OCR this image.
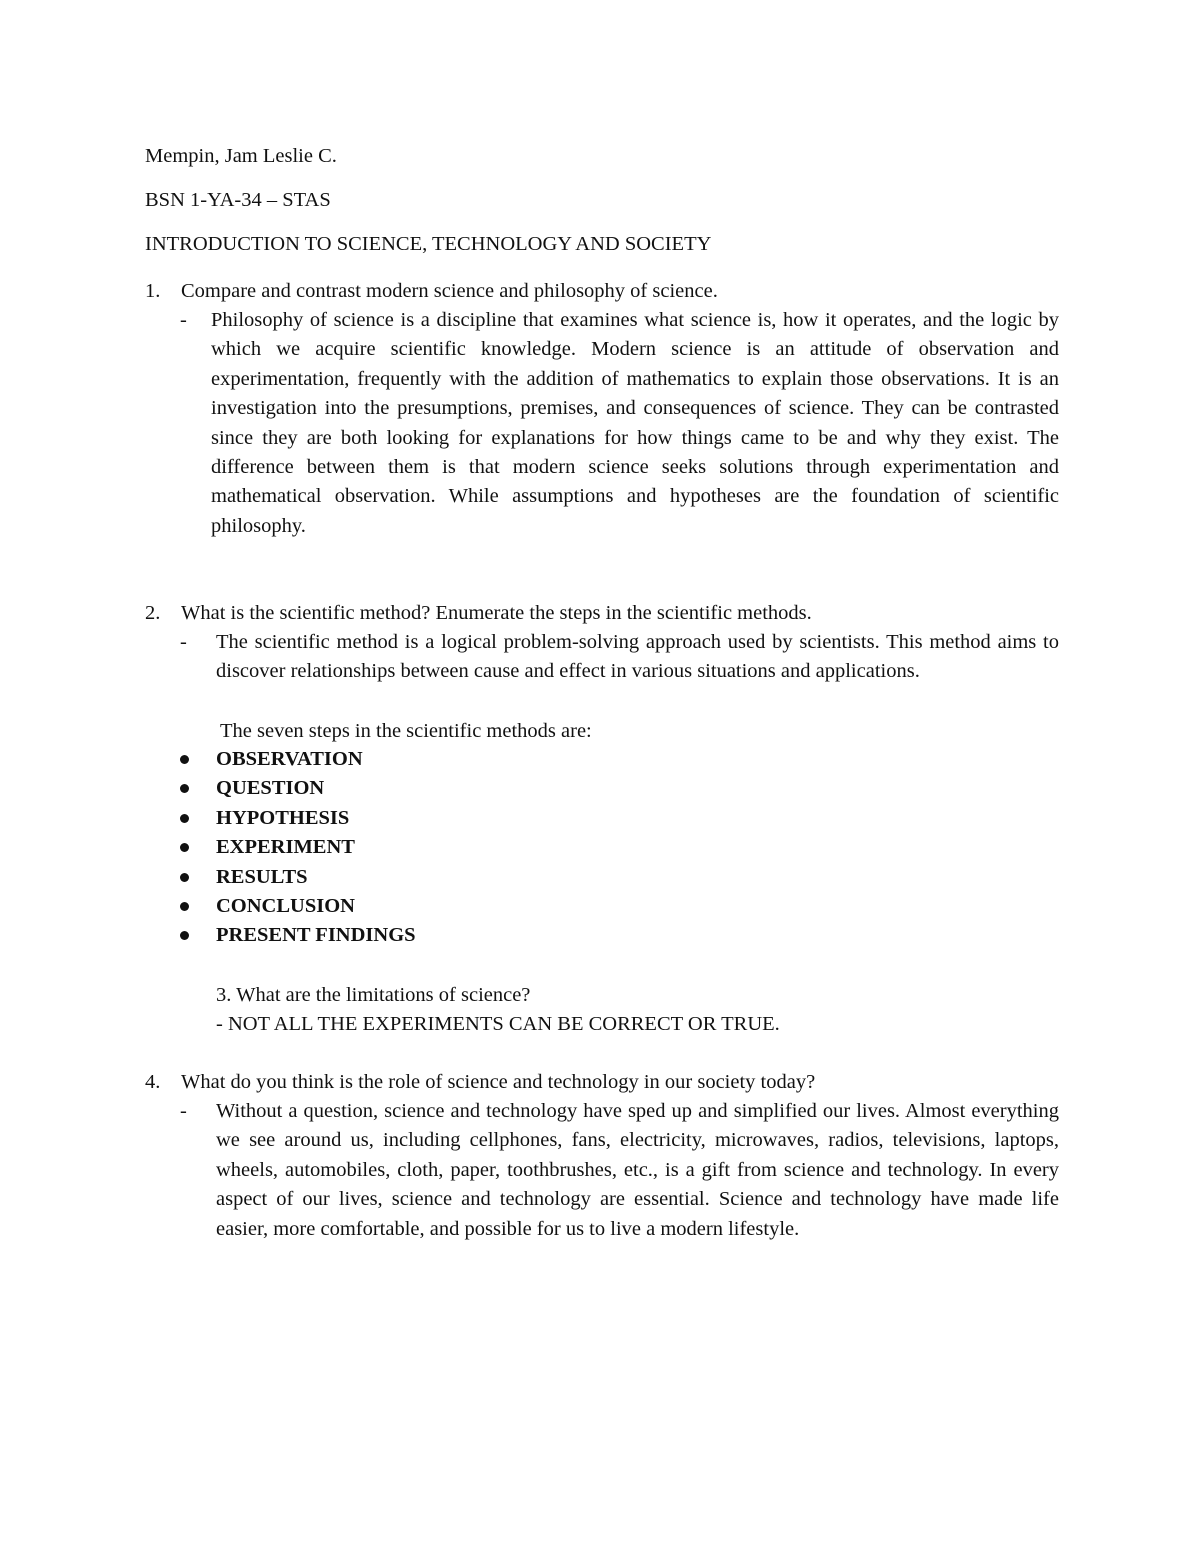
Mempin, Jam Leslie C.

BSN 1-YA-34 – STAS

INTRODUCTION TO SCIENCE, TECHNOLOGY AND SOCIETY

1. Compare and contrast modern science and philosophy of science.

- Philosophy of science is a discipline that examines what science is, how it operates, and the logic by which we acquire scientific knowledge. Modern science is an attitude of observation and experimentation, frequently with the addition of mathematics to explain those observations. It is an investigation into the presumptions, premises, and consequences of science. They can be contrasted since they are both looking for explanations for how things came to be and why they exist. The difference between them is that modern science seeks solutions through experimentation and mathematical observation. While assumptions and hypotheses are the foundation of scientific philosophy.

2. What is the scientific method? Enumerate the steps in the scientific methods.

- The scientific method is a logical problem-solving approach used by scientists. This method aims to discover relationships between cause and effect in various situations and applications.

The seven steps in the scientific methods are:

OBSERVATION
QUESTION
HYPOTHESIS
EXPERIMENT
RESULTS
CONCLUSION
PRESENT FINDINGS

3. What are the limitations of science?

- NOT ALL THE EXPERIMENTS CAN BE CORRECT OR TRUE.

4. What do you think is the role of science and technology in our society today?

- Without a question, science and technology have sped up and simplified our lives. Almost everything we see around us, including cellphones, fans, electricity, microwaves, radios, televisions, laptops, wheels, automobiles, cloth, paper, toothbrushes, etc., is a gift from science and technology. In every aspect of our lives, science and technology are essential. Science and technology have made life easier, more comfortable, and possible for us to live a modern lifestyle.
